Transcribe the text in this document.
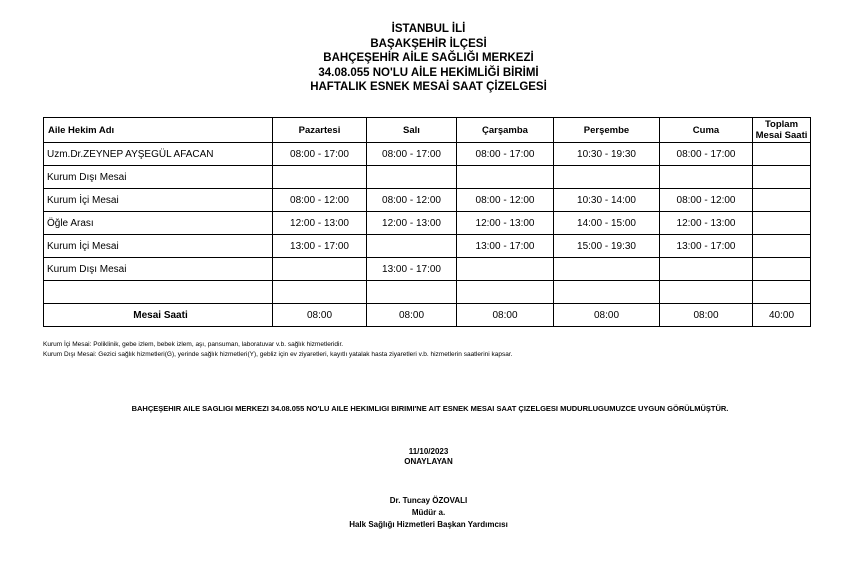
İSTANBUL İLİ
BAŞAKŞEHİR İLÇESİ
BAHÇEŞEHİR AİLE SAĞLIĞI MERKEZİ
34.08.055 NO'LU AİLE HEKİMLİĞİ BİRİMİ
HAFTALIK ESNEK MESAİ SAAT ÇİZELGESİ
Aile Hekim Adı	Pazartesi	Salı	Çarşamba	Perşembe	Cuma	Toplam Mesai Saati
Uzm.Dr.ZEYNEP AYŞEGÜL AFACAN	08:00 - 17:00	08:00 - 17:00	08:00 - 17:00	10:30 - 19:30	08:00 - 17:00	
Kurum Dışı Mesai						
Kurum İçi Mesai	08:00 - 12:00	08:00 - 12:00	08:00 - 12:00	10:30 - 14:00	08:00 - 12:00	
Öğle Arası	12:00 - 13:00	12:00 - 13:00	12:00 - 13:00	14:00 - 15:00	12:00 - 13:00	
Kurum İçi Mesai	13:00 - 17:00		13:00 - 17:00	15:00 - 19:30	13:00 - 17:00	
Kurum Dışı Mesai		13:00 - 17:00				

Mesai Saati	08:00	08:00	08:00	08:00	08:00	40:00
Kurum İçi Mesai: Poliklinik, gebe izlem, bebek izlem, aşı, pansuman, laboratuvar v.b. sağlık hizmetleridir.
Kurum Dışı Mesai: Gezici sağlık hizmetleri(G), yerinde sağlık hizmetleri(Y), gebliz için ev ziyaretleri, kayıtlı yatalak hasta ziyaretleri v.b. hizmetlerin saatlerini kapsar.
BAHÇEŞEHIR AILE SAGLIGI MERKEZI 34.08.055 NO'LU AILE HEKIMLIGI BIRIMI'NE AIT ESNEK MESAI SAAT ÇIZELGESI MUDURLUGUMUZCE UYGUN GÖRÜLMÜŞTÜR.
11/10/2023
ONAYLAYAN
Dr. Tuncay ÖZOVALI
Müdür a.
Halk Sağlığı Hizmetleri Başkan Yardımcısı
